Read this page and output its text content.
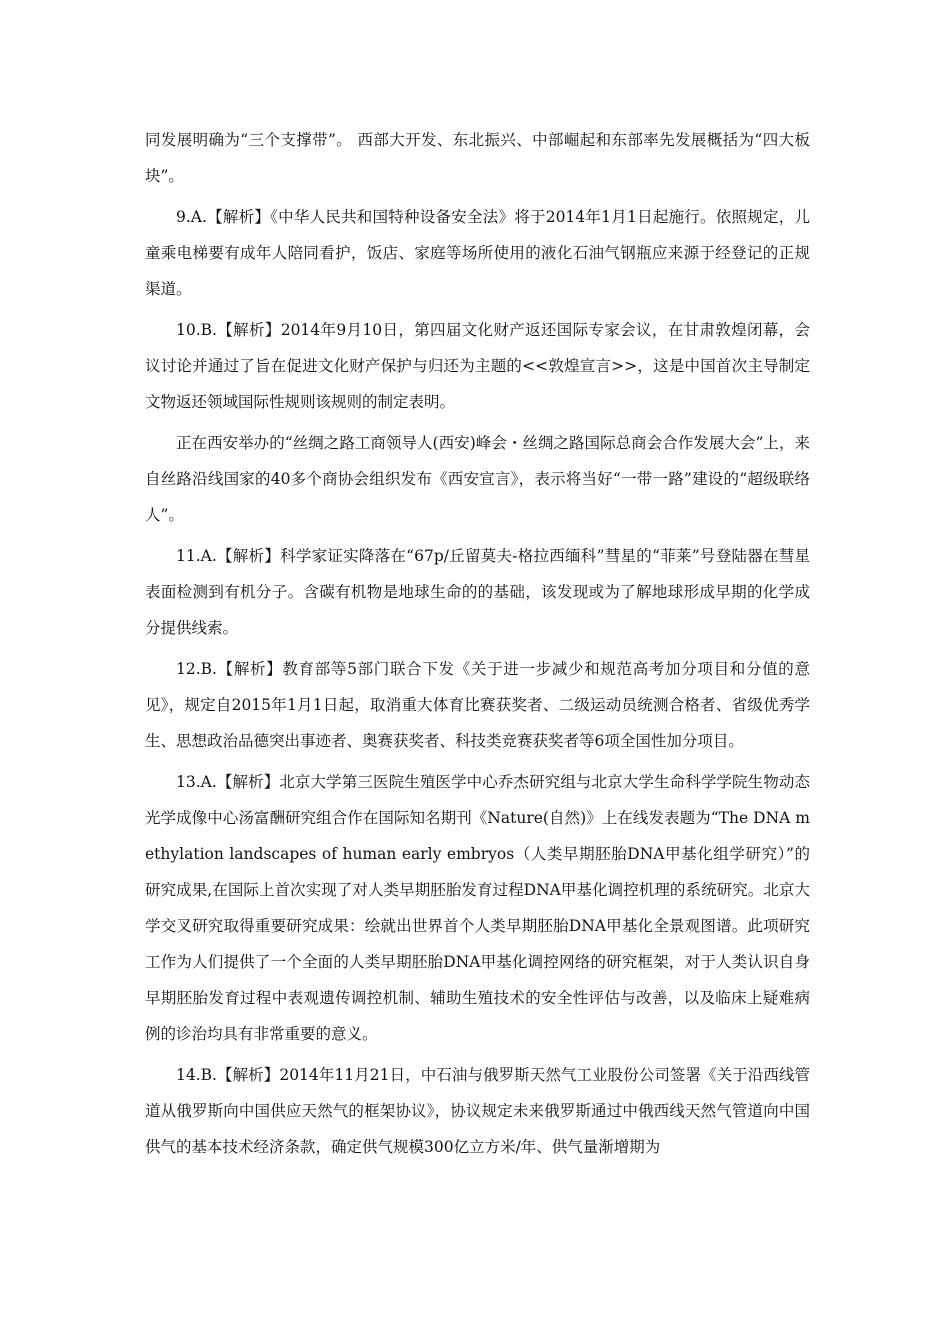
同发展明确为“三个支撑带”。 西部大开发、东北振兴、中部崛起和东部率先发展概括为“四大板块”。

9.A.【解析】《中华人民共和国特种设备安全法》将于2014年1月1日起施行。依照规定，儿童乘电梯要有成年人陪同看护，饭店、家庭等场所使用的液化石油气钢瓶应来源于经登记的正规渠道。

10.B.【解析】2014年9月10日，第四届文化财产返还国际专家会议，在甘肃敦煌闭幕，会议讨论并通过了旨在促进文化财产保护与归还为主题的<<敦煌宣言>>，这是中国首次主导制定文物返还领域国际性规则该规则的制定表明。

正在西安举办的“丝绸之路工商领导人(西安)峰会・丝绸之路国际总商会合作发展大会”上，来自丝路沿线国家的40多个商协会组织发布《西安宣言》，表示将当好“一带一路”建设的“超级联络人”。

11.A.【解析】科学家证实降落在“67p/丘留莫夫-格拉西缅科”彗星的“菲莱”号登陆器在彗星表面检测到有机分子。含碳有机物是地球生命的的基础，该发现或为了解地球形成早期的化学成分提供线索。

12.B.【解析】教育部等5部门联合下发《关于进一步减少和规范高考加分项目和分值的意见》，规定自2015年1月1日起，取消重大体育比赛获奖者、二级运动员统测合格者、省级优秀学生、思想政治品德突出事迹者、奥赛获奖者、科技类竞赛获奖者等6项全国性加分项目。

13.A.【解析】北京大学第三医院生殖医学中心乔杰研究组与北京大学生命科学学院生物动态光学成像中心汤富酬研究组合作在国际知名期刊《Nature(自然)》上在线发表题为“The DNA methylation landscapes of human early embryos（人类早期胚胎DNA甲基化组学研究）”的研究成果,在国际上首次实现了对人类早期胚胎发育过程DNA甲基化调控机理的系统研究。北京大学交叉研究取得重要研究成果：绘就出世界首个人类早期胚胎DNA甲基化全景观图谱。此项研究工作为人们提供了一个全面的人类早期胚胎DNA甲基化调控网络的研究框架，对于人类认识自身早期胚胎发育过程中表观遗传调控机制、辅助生殖技术的安全性评估与改善，以及临床上疑难病例的诊治均具有非常重要的意义。

14.B.【解析】2014年11月21日，中石油与俄罗斯天然气工业股份公司签署《关于沿西线管道从俄罗斯向中国供应天然气的框架协议》，协议规定未来俄罗斯通过中俄西线天然气管道向中国供气的基本技术经济条款，确定供气规模300亿立方米/年、供气量渐增期为
